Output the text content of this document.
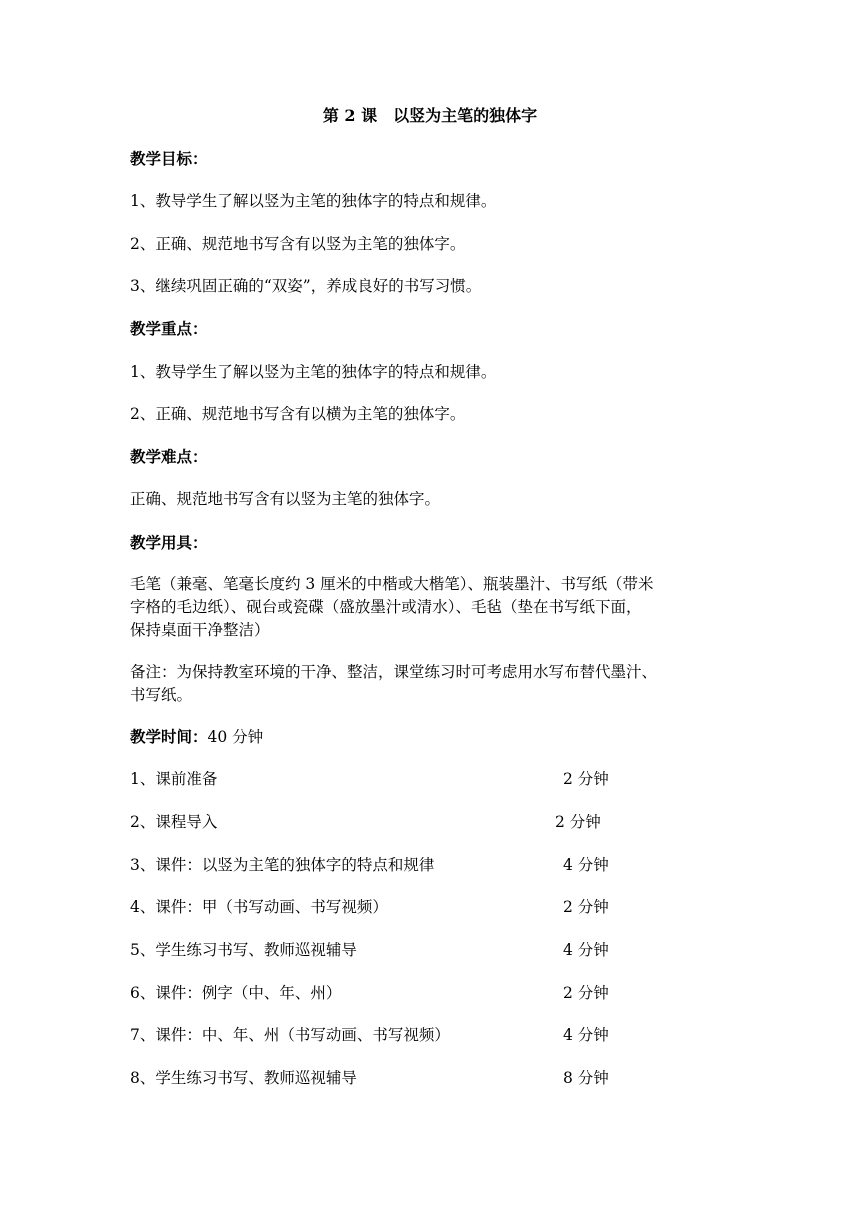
第 2 课　以竖为主笔的独体字
教学目标：
1、教导学生了解以竖为主笔的独体字的特点和规律。
2、正确、规范地书写含有以竖为主笔的独体字。
3、继续巩固正确的“双姿”，养成良好的书写习惯。
教学重点：
1、教导学生了解以竖为主笔的独体字的特点和规律。
2、正确、规范地书写含有以横为主笔的独体字。
教学难点：
正确、规范地书写含有以竖为主笔的独体字。
教学用具：
毛笔（兼毫、笔毫长度约 3 厘米的中楷或大楷笔）、瓶装墨汁、书写纸（带米
字格的毛边纸）、砚台或瓷碟（盛放墨汁或清水）、毛毡（垫在书写纸下面，
保持桌面干净整洁）
备注：为保持教室环境的干净、整洁，课堂练习时可考虑用水写布替代墨汁、
书写纸。
教学时间：40 分钟
1、课前准备	2 分钟
2、课程导入	2 分钟
3、课件：以竖为主笔的独体字的特点和规律	4 分钟
4、课件：甲（书写动画、书写视频）	2 分钟
5、学生练习书写、教师巡视辅导	4 分钟
6、课件：例字（中、年、州）	2 分钟
7、课件：中、年、州（书写动画、书写视频）	4 分钟
8、学生练习书写、教师巡视辅导	8 分钟
